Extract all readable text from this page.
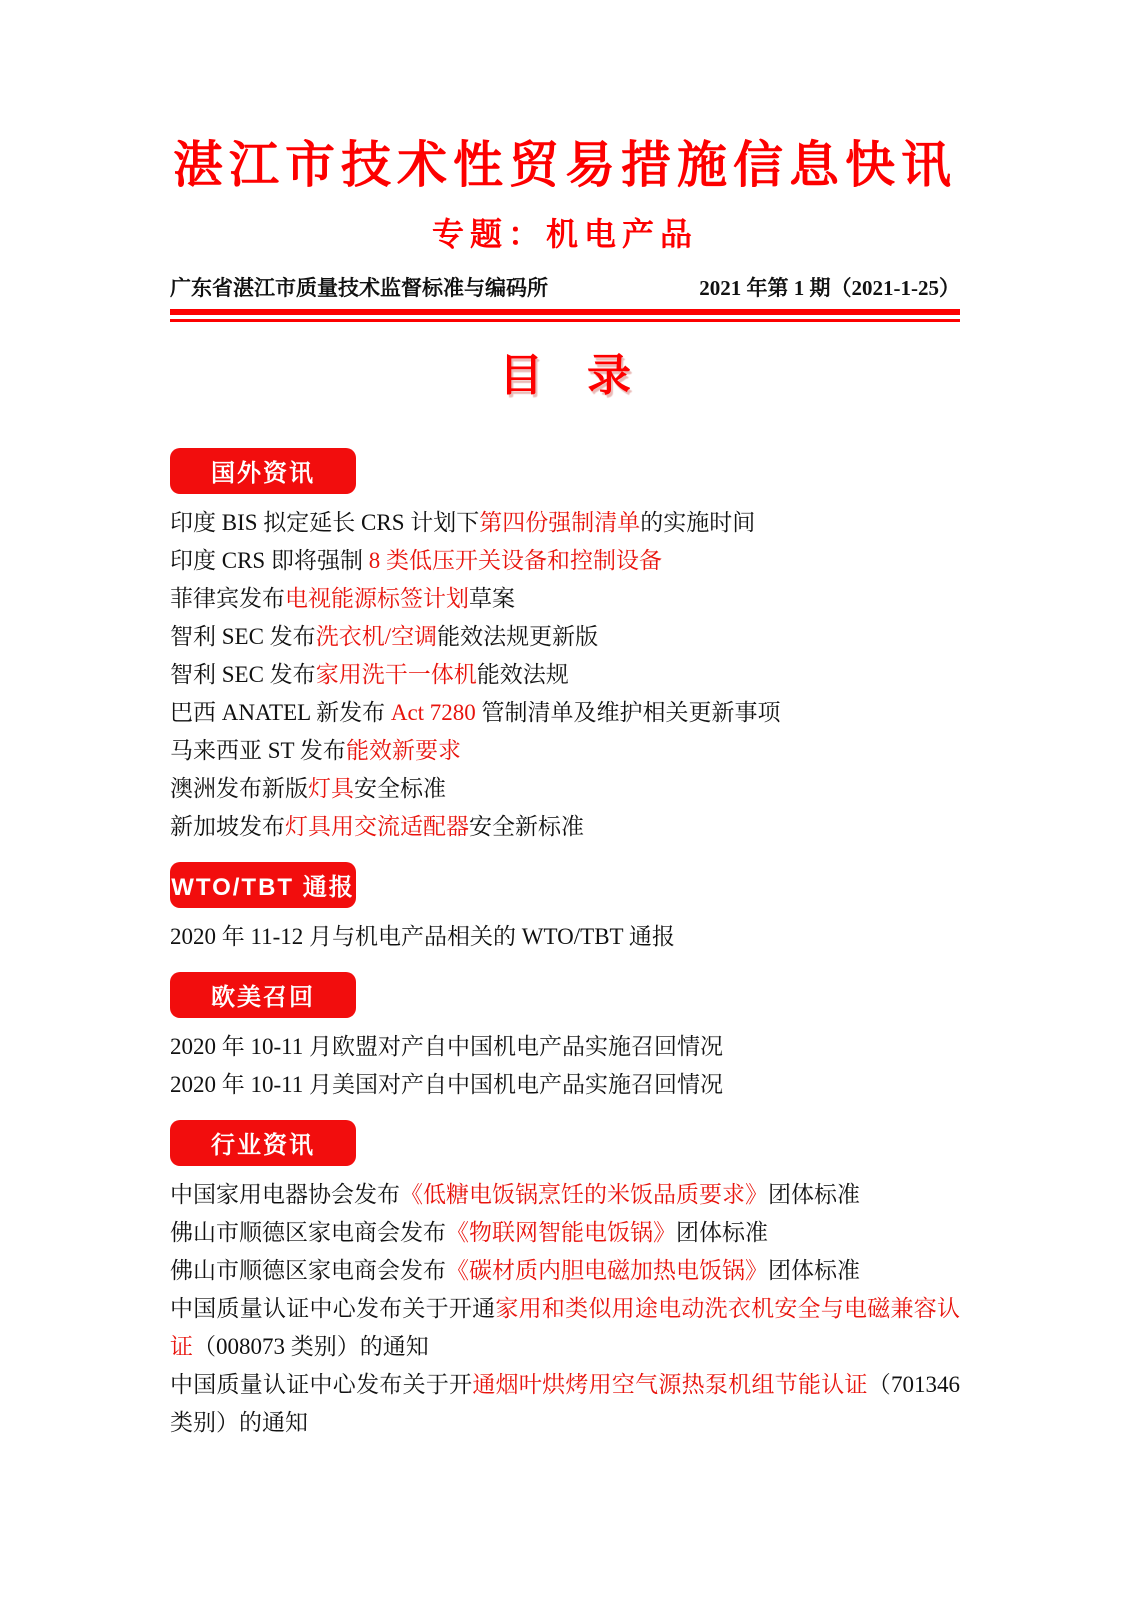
湛江市技术性贸易措施信息快讯
专题：机电产品
广东省湛江市质量技术监督标准与编码所	2021 年第 1 期（2021-1-25）
目　录
国外资讯

印度 BIS 拟定延长 CRS 计划下第四份强制清单的实施时间

印度 CRS 即将强制 8 类低压开关设备和控制设备

菲律宾发布电视能源标签计划草案

智利 SEC 发布洗衣机/空调能效法规更新版

智利 SEC 发布家用洗干一体机能效法规

巴西 ANATEL 新发布 Act 7280 管制清单及维护相关更新事项

马来西亚 ST 发布能效新要求

澳洲发布新版灯具安全标准

新加坡发布灯具用交流适配器安全新标准

WTO/TBT 通报

2020 年 11-12 月与机电产品相关的 WTO/TBT 通报

欧美召回

2020 年 10-11 月欧盟对产自中国机电产品实施召回情况

2020 年 10-11 月美国对产自中国机电产品实施召回情况

行业资讯

中国家用电器协会发布《低糖电饭锅烹饪的米饭品质要求》团体标准

佛山市顺德区家电商会发布《物联网智能电饭锅》团体标准

佛山市顺德区家电商会发布《碳材质内胆电磁加热电饭锅》团体标准

中国质量认证中心发布关于开通家用和类似用途电动洗衣机安全与电磁兼容认证（008073 类别）的通知

中国质量认证中心发布关于开通烟叶烘烤用空气源热泵机组节能认证（701346 类别）的通知
